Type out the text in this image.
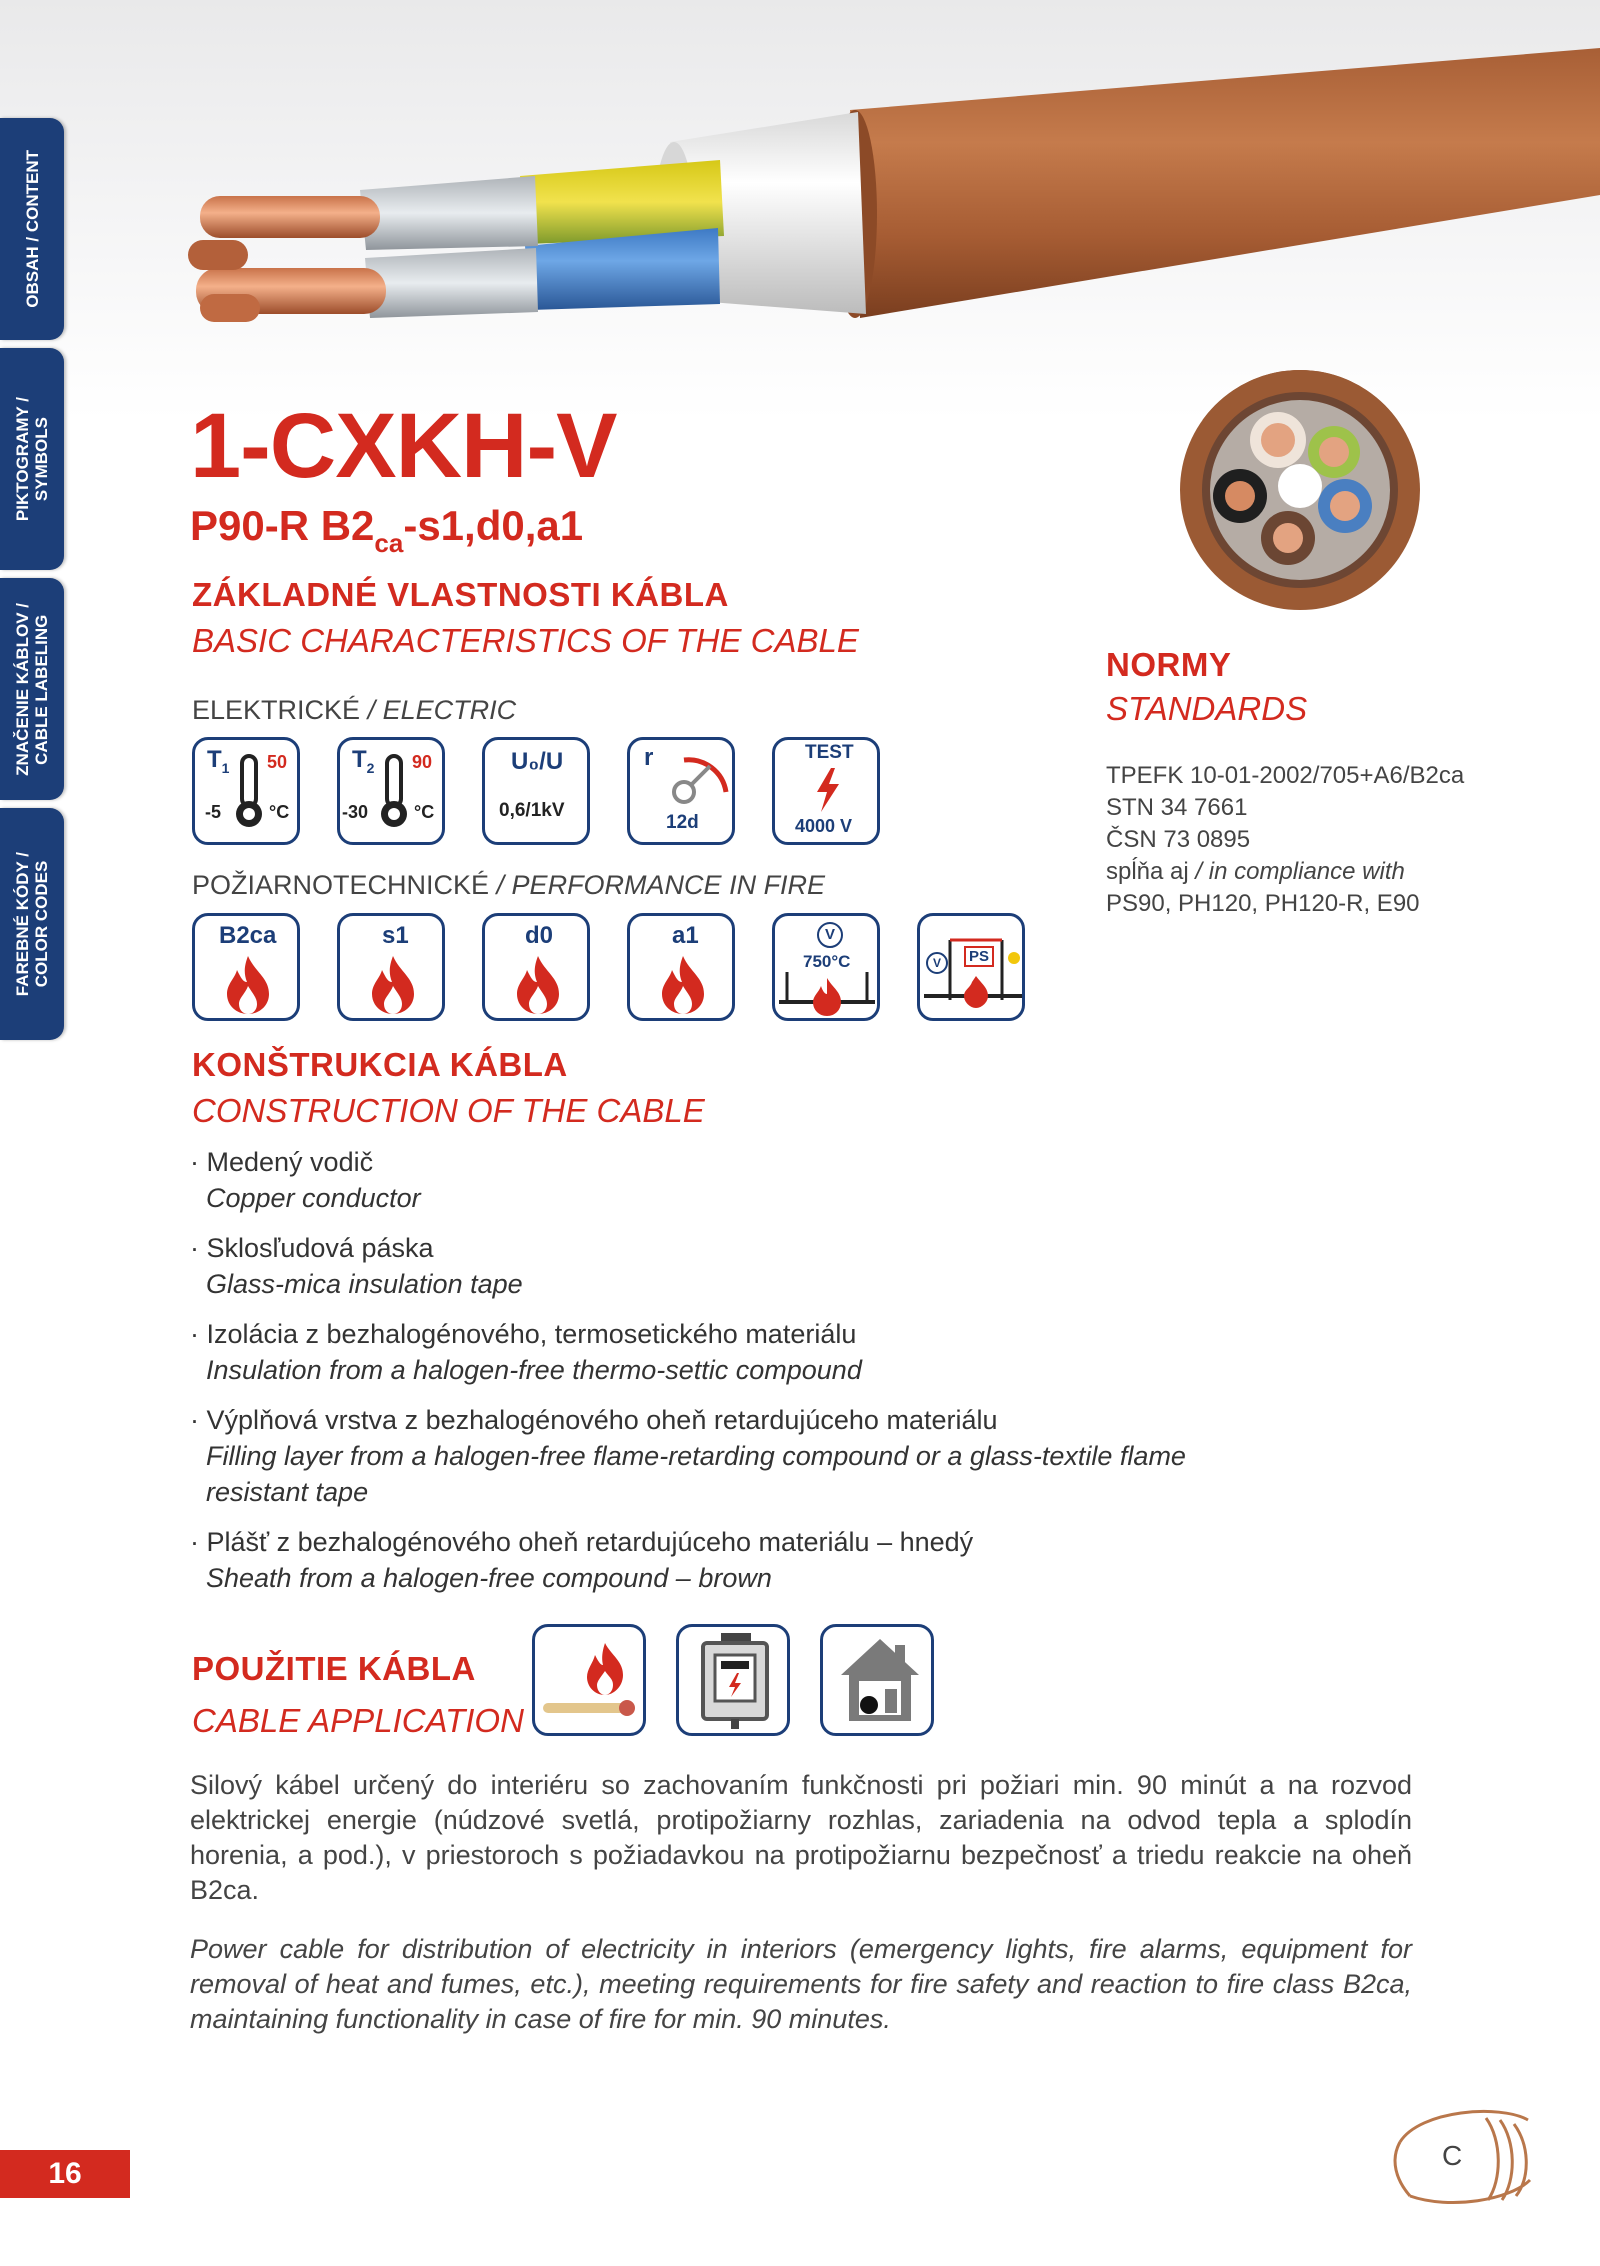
OBSAH / CONTENT
PIKTOGRAMY /
SYMBOLS
ZNAČENIE KÁBLOV /
CABLE LABELING
FAREBNÉ KÓDY /
COLOR CODES
1-CXKH-V
P90-R $B2_{ca}-s1,d0,a1$
ZÁKLADNÉ VLASTNOSTI KÁBLA
BASIC CHARACTERISTICS OF THE CABLE
ELEKTRICKÉ / ELECTRIC
$T_1$ 50
-5	°C
$T_2$ 90
-30	°C
U₀/U
0,6/1kV
r
12d
TEST
4000 V
POŽIARNOTECHNICKÉ / PERFORMANCE IN FIRE
B2ca	s1	d0	a1	V
750°C	V	PS
NORMY
STANDARDS
TPEFK 10-01-2002/705+A6/B2ca
STN 34 7661
ČSN 73 0895
spĺňa aj / in compliance with
PS90, PH120, PH120-R, E90
KONŠTRUKCIA KÁBLA
CONSTRUCTION OF THE CABLE
· Medený vodič
Copper conductor
· Sklosľudová páska
Glass-mica insulation tape
· Izolácia z bezhalogénového, termosetického materiálu
Insulation from a halogen-free thermo-settic compound
· Výplňová vrstva z bezhalogénového oheň retardujúceho materiálu
Filling layer from a halogen-free flame-retarding compound or a glass-textile flame resistant tape
· Plášť z bezhalogénového oheň retardujúceho materiálu – hnedý
Sheath from a halogen-free compound – brown
POUŽITIE KÁBLA
CABLE APPLICATION
Silový kábel určený do interiéru so zachovaním funkčnosti pri požiari min. 90 minút a na rozvod elektrickej energie (núdzové svetlá, protipožiarny rozhlas, zariadenia na odvod tepla a splodín horenia, a pod.), v priestoroch s požiadavkou na protipožiarnu bezpečnosť a triedu reakcie na oheň B2ca.
Power cable for distribution of electricity in interiors (emergency lights, fire alarms, equipment for removal of heat and fumes, etc.), meeting requirements for fire safety and reaction to fire class B2ca, maintaining functionality in case of fire for min. 90 minutes.
16
C
